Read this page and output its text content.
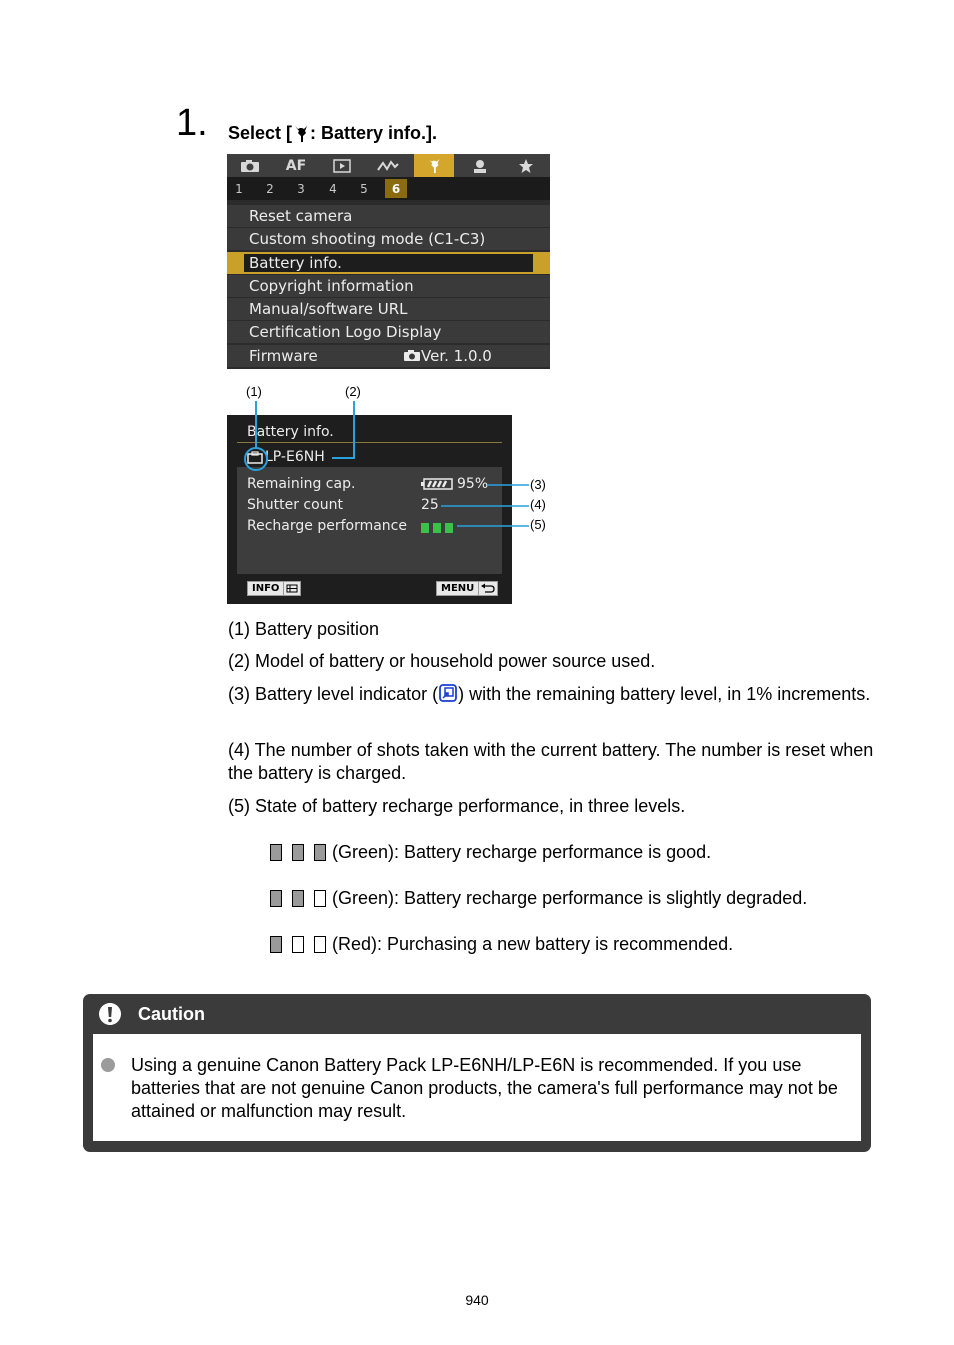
1. Select [ : Battery info.].
AF
1	2	3	4	5	6
Reset camera
Custom shooting mode (C1-C3)
Battery info.
Copyright information
Manual/software URL
Certification Logo Display
Firmware	Ver. 1.0.0
(1)	(2)
(3)
(4)
(5)
Battery info.
LP-E6NH
Remaining cap.
Shutter count
Recharge performance
95%
25
INFO	MENU
(1) Battery position
(2) Model of battery or household power source used.
(3) Battery level indicator ( ) with the remaining battery level, in 1% increments.
(4) The number of shots taken with the current battery. The number is reset when the battery is charged.
(5) State of battery recharge performance, in three levels.
(Green): Battery recharge performance is good.
(Green): Battery recharge performance is slightly degraded.
(Red): Purchasing a new battery is recommended.
Caution
Using a genuine Canon Battery Pack LP-E6NH/LP-E6N is recommended. If you use batteries that are not genuine Canon products, the camera's full performance may not be attained or malfunction may result.
940
